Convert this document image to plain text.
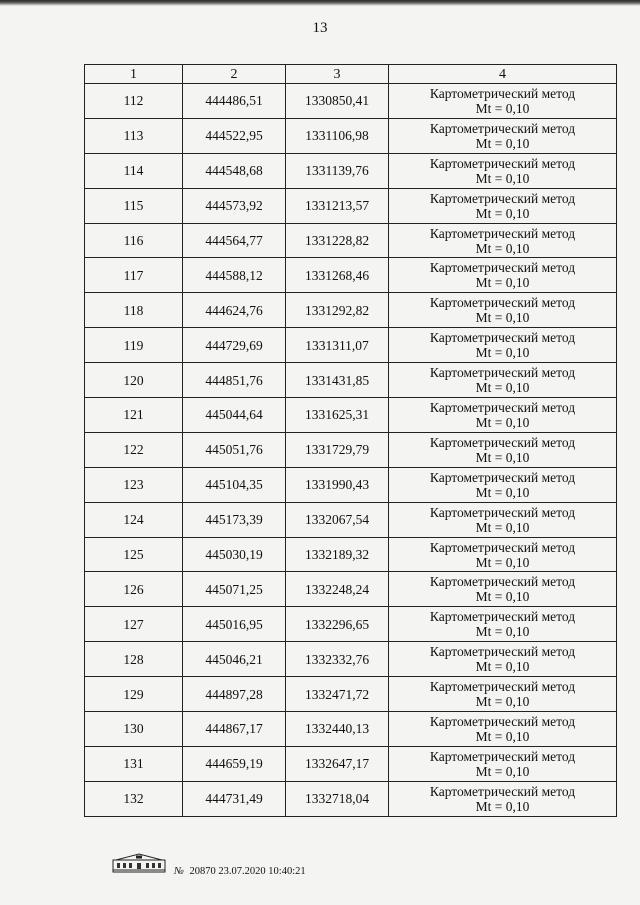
13
1	2	3	4
112	444486,51	1330850,41	Картометрический метод
Mt = 0,10

113	444522,95	1331106,98	Картометрический метод
Mt = 0,10

114	444548,68	1331139,76	Картометрический метод
Mt = 0,10

115	444573,92	1331213,57	Картометрический метод
Mt = 0,10

116	444564,77	1331228,82	Картометрический метод
Mt = 0,10

117	444588,12	1331268,46	Картометрический метод
Mt = 0,10

118	444624,76	1331292,82	Картометрический метод
Mt = 0,10

119	444729,69	1331311,07	Картометрический метод
Mt = 0,10

120	444851,76	1331431,85	Картометрический метод
Mt = 0,10

121	445044,64	1331625,31	Картометрический метод
Mt = 0,10

122	445051,76	1331729,79	Картометрический метод
Mt = 0,10

123	445104,35	1331990,43	Картометрический метод
Mt = 0,10

124	445173,39	1332067,54	Картометрический метод
Mt = 0,10

125	445030,19	1332189,32	Картометрический метод
Mt = 0,10

126	445071,25	1332248,24	Картометрический метод
Mt = 0,10

127	445016,95	1332296,65	Картометрический метод
Mt = 0,10

128	445046,21	1332332,76	Картометрический метод
Mt = 0,10

129	444897,28	1332471,72	Картометрический метод
Mt = 0,10

130	444867,17	1332440,13	Картометрический метод
Mt = 0,10

131	444659,19	1332647,17	Картометрический метод
Mt = 0,10

132	444731,49	1332718,04	Картометрический метод
Mt = 0,10
№ 20870 23.07.2020 10:40:21
